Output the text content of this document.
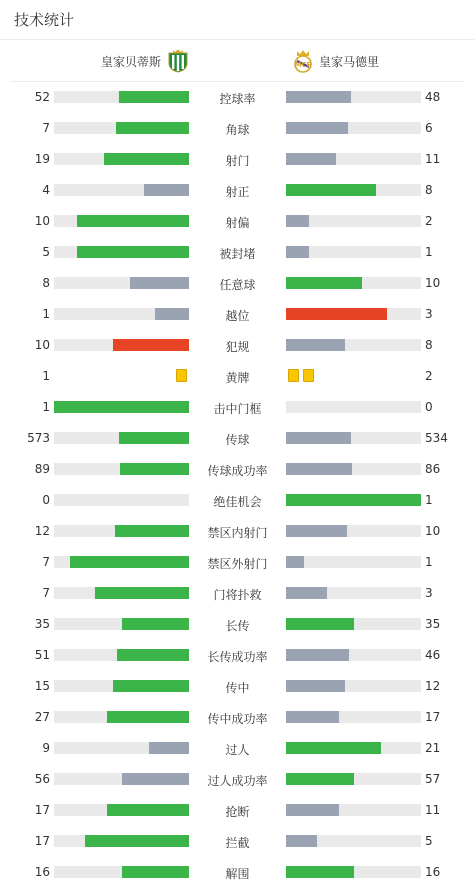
技术统计
皇家贝蒂斯	MCF 皇家马德里
52	控球率	48
7	角球	6
19	射门	11
4	射正	8
10	射偏	2
5	被封堵	1
8	任意球	10
1	越位	3
10	犯规	8
1	黄牌	2
1	击中门框	0
573	传球	534
89	传球成功率	86
0	绝佳机会	1
12	禁区内射门	10
7	禁区外射门	1
7	门将扑救	3
35	长传	35
51	长传成功率	46
15	传中	12
27	传中成功率	17
9	过人	21
56	过人成功率	57
17	抢断	11
17	拦截	5
16	解围	16
